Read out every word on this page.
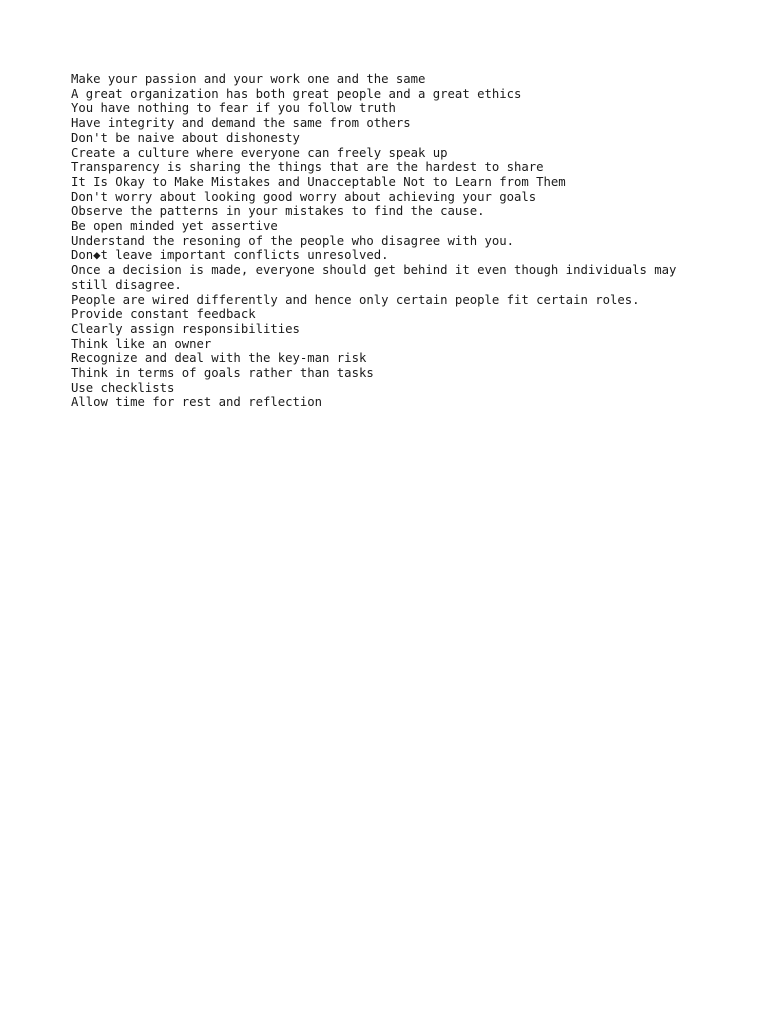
Make your passion and your work one and the same

A great organization has both great people and a great ethics

You have nothing to fear if you follow truth

Have integrity and demand the same from others

Don't be naive about dishonesty

Create a culture where everyone can freely speak up

Transparency is sharing the things that are the hardest to share

It Is Okay to Make Mistakes and Unacceptable Not to Learn from Them

Don't worry about looking good worry about achieving your goals

Observe the patterns in your mistakes to find the cause.

Be open minded yet assertive

Understand the resoning of the people who disagree with you.

Don◆t leave important conflicts unresolved.

Once a decision is made, everyone should get behind it even though individuals may still disagree.

People are wired differently and hence only certain people fit certain roles.

Provide constant feedback

Clearly assign responsibilities

Think like an owner

Recognize and deal with the key-man risk

Think in terms of goals rather than tasks

Use checklists

Allow time for rest and reflection
